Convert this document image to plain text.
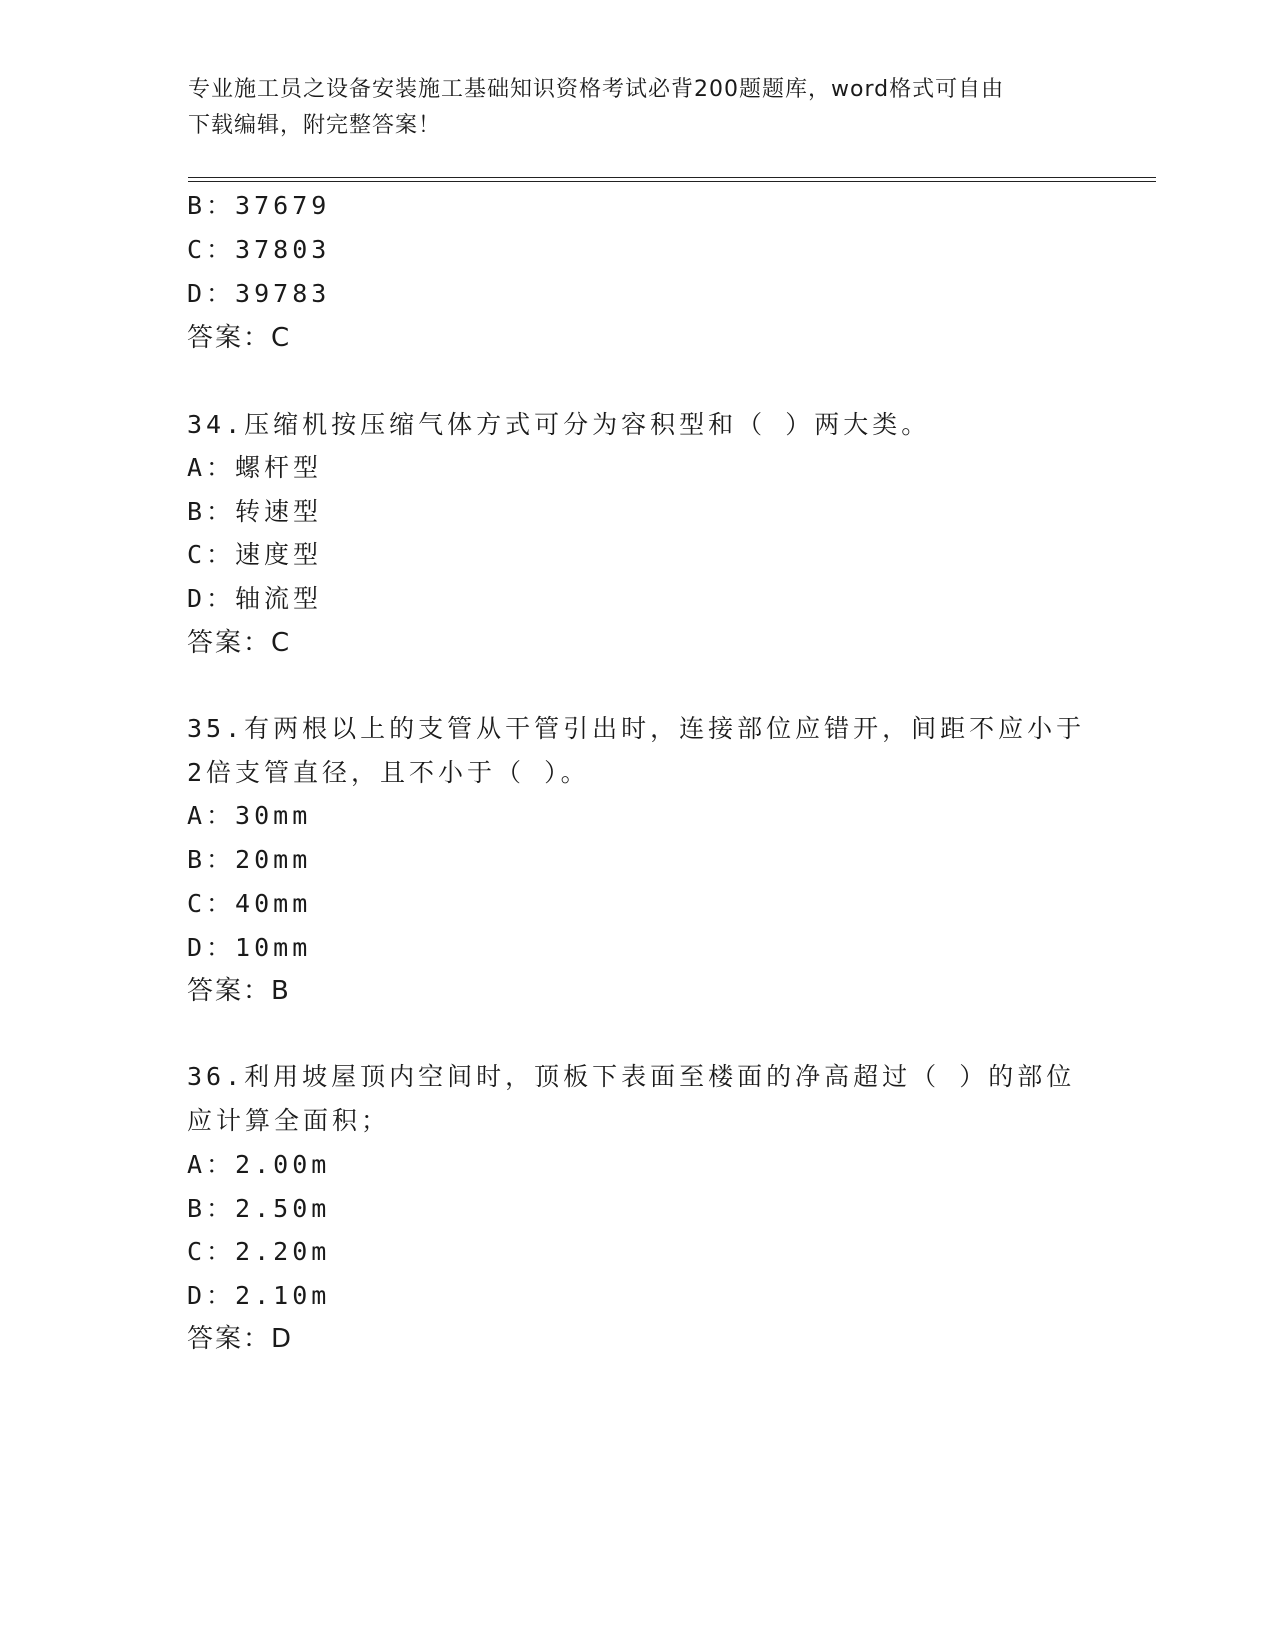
专业施工员之设备安装施工基础知识资格考试必背200题题库，word格式可自由
下载编辑，附完整答案！
B：37679
C：37803
D：39783
答案：C
34.压缩机按压缩气体方式可分为容积型和（ ）两大类。
A：螺杆型
B：转速型
C：速度型
D：轴流型
答案：C
35.有两根以上的支管从干管引出时，连接部位应错开，间距不应小于
2倍支管直径，且不小于（ ）。
A：30mm
B：20mm
C：40mm
D：10mm
答案：B
36.利用坡屋顶内空间时，顶板下表面至楼面的净高超过（ ）的部位
应计算全面积；
A：2.00m
B：2.50m
C：2.20m
D：2.10m
答案：D
